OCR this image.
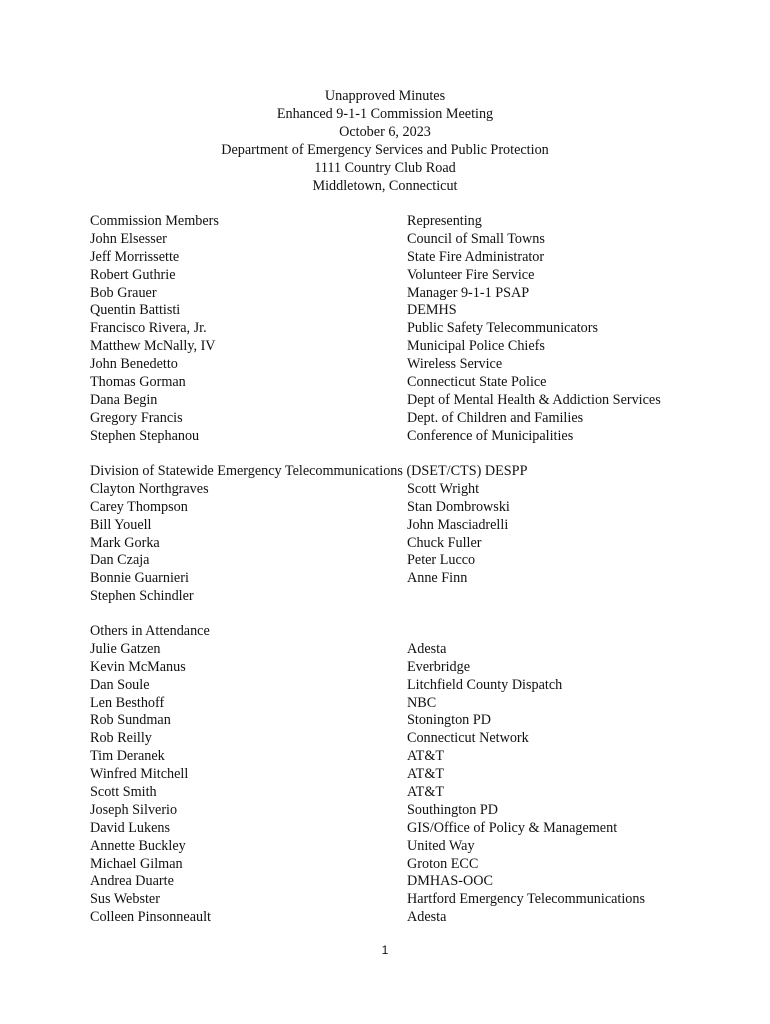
Unapproved Minutes
Enhanced 9-1-1 Commission Meeting
October 6, 2023
Department of Emergency Services and Public Protection
1111 Country Club Road
Middletown, Connecticut
Commission Members	Representing
John Elsesser	Council of Small Towns
Jeff Morrissette	State Fire Administrator
Robert Guthrie	Volunteer Fire Service
Bob Grauer	Manager 9-1-1 PSAP
Quentin Battisti	DEMHS
Francisco Rivera, Jr.	Public Safety Telecommunicators
Matthew McNally, IV	Municipal Police Chiefs
John Benedetto	Wireless Service
Thomas Gorman	Connecticut State Police
Dana Begin	Dept of Mental Health & Addiction Services
Gregory Francis	Dept. of Children and Families
Stephen Stephanou	Conference of Municipalities
Division of Statewide Emergency Telecommunications (DSET/CTS) DESPP
Clayton Northgraves	Scott Wright
Carey Thompson	Stan Dombrowski
Bill Youell	John Masciadrelli
Mark Gorka	Chuck Fuller
Dan Czaja	Peter Lucco
Bonnie Guarnieri	Anne Finn
Stephen Schindler
Others in Attendance
Julie Gatzen	Adesta
Kevin McManus	Everbridge
Dan Soule	Litchfield County Dispatch
Len Besthoff	NBC
Rob Sundman	Stonington PD
Rob Reilly	Connecticut Network
Tim Deranek	AT&T
Winfred Mitchell	AT&T
Scott Smith	AT&T
Joseph Silverio	Southington PD
David Lukens	GIS/Office of Policy & Management
Annette Buckley	United Way
Michael Gilman	Groton ECC
Andrea Duarte	DMHAS-OOC
Sus Webster	Hartford Emergency Telecommunications
Colleen Pinsonneault	Adesta
1
